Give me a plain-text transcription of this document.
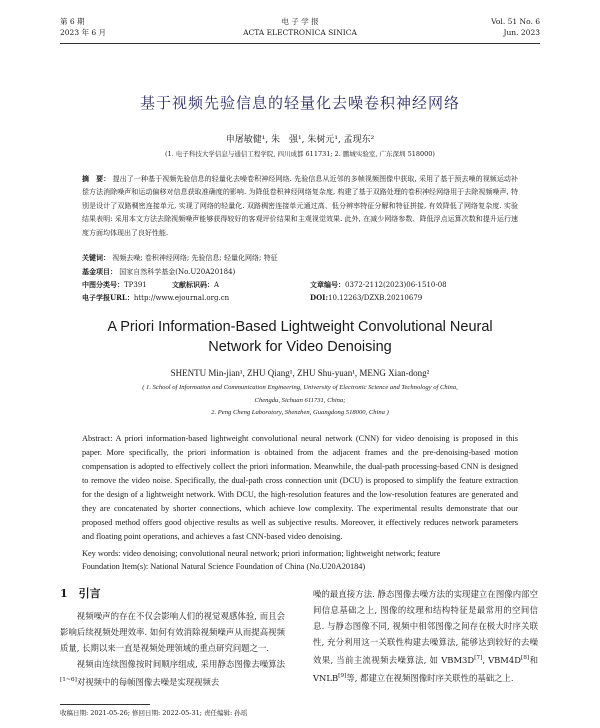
第 6 期
2023 年 6 月
电 子 学 报
ACTA ELECTRONICA SINICA
Vol. 51 No. 6
Jun. 2023
基于视频先验信息的轻量化去噪卷积神经网络
申屠敏健¹, 朱　强¹, 朱树元¹, 孟现东²
(1. 电子科技大学信息与通信工程学院, 四川成都 611731; 2. 鹏城实验室, 广东深圳 518000)
摘　要： 提出了一种基于视频先验信息的轻量化去噪卷积神经网络. 先验信息从近邻的多帧视频图像中获取, 采用了基于预去噪的视频运动补偿方法消除噪声和运动偏移对信息获取准确度的影响. 为降低卷积神经网络复杂度, 构建了基于双路处理的卷积神经网络用于去除视频噪声, 特别是设计了双路稠密连接单元, 实现了网络的轻量化. 双路稠密连接单元通过高、低分辨率特征分解和特征拼接, 有效降低了网络复杂度. 实验结果表明: 采用本文方法去除视频噪声能够获得较好的客观评价结果和主观视觉效果. 此外, 在减少网络参数、降低浮点运算次数和提升运行速度方面均体现出了良好性能.
关键词： 视频去噪; 卷积神经网络; 先验信息; 轻量化网络; 特征
基金项目： 国家自然科学基金(No.U20A20184)
中图分类号：TP391	文献标识码：A	文章编号：0372-2112(2023)06-1510-08
电子学报URL：http://www.ejournal.org.cn	DOI:10.12263/DZXB.20210679
A Priori Information-Based Lightweight Convolutional Neural
Network for Video Denoising
SHENTU Min-jian¹, ZHU Qiang¹, ZHU Shu-yuan¹, MENG Xian-dong²
( 1. School of Information and Communication Engineering, University of Electronic Science and Technology of China,
Chengdu, Sichuan 611731, China;
2. Peng Cheng Laboratory, Shenzhen, Guangdong 518000, China )
Abstract: A priori information-based lightweight convolutional neural network (CNN) for video denoising is proposed in this paper. More specifically, the priori information is obtained from the adjacent frames and the pre-denoising-based motion compensation is adopted to effectively collect the priori information. Meanwhile, the dual-path processing-based CNN is designed to remove the video noise. Specifically, the dual-path cross connection unit (DCU) is proposed to simplify the feature extraction for the design of a lightweight network. With DCU, the high-resolution features and the low-resolution features are generated and they are concatenated by shorter connections, which achieve low complexity. The experimental results demonstrate that our proposed method offers good objective results as well as subjective results. Moreover, it effectively reduces network parameters and floating point operations, and achieves a fast CNN-based video denoising.
Key words: video denoising; convolutional neural network; priori information; lightweight network; feature
Foundation Item(s): National Natural Science Foundation of China (No.U20A20184)
1　引言

视频噪声的存在不仅会影响人们的视觉观感体验, 而且会影响后续视频处理效率. 如何有效消除视频噪声从而提高视频质量, 长期以来一直是视频处理领域的重点研究问题之一.

视频由连续图像按时间顺序组成, 采用静态图像去噪算法[1~6]对视频中的每帧图像去噪是实现视频去

噪的最直接方法. 静态图像去噪方法的实现建立在图像内部空间信息基础之上, 图像的纹理和结构特征是最常用的空间信息. 与静态图像不同, 视频中相邻图像之间存在极大时序关联性, 充分利用这一关联性构建去噪算法, 能够达到较好的去噪效果, 当前主流视频去噪算法, 如 VBM3D[7], VBM4D[8]和 VNLB[9]等, 都建立在视频图像时序关联性的基础之上.

收稿日期: 2021-05-26; 修回日期: 2022-05-31; 责任编辑: 孙瑶
